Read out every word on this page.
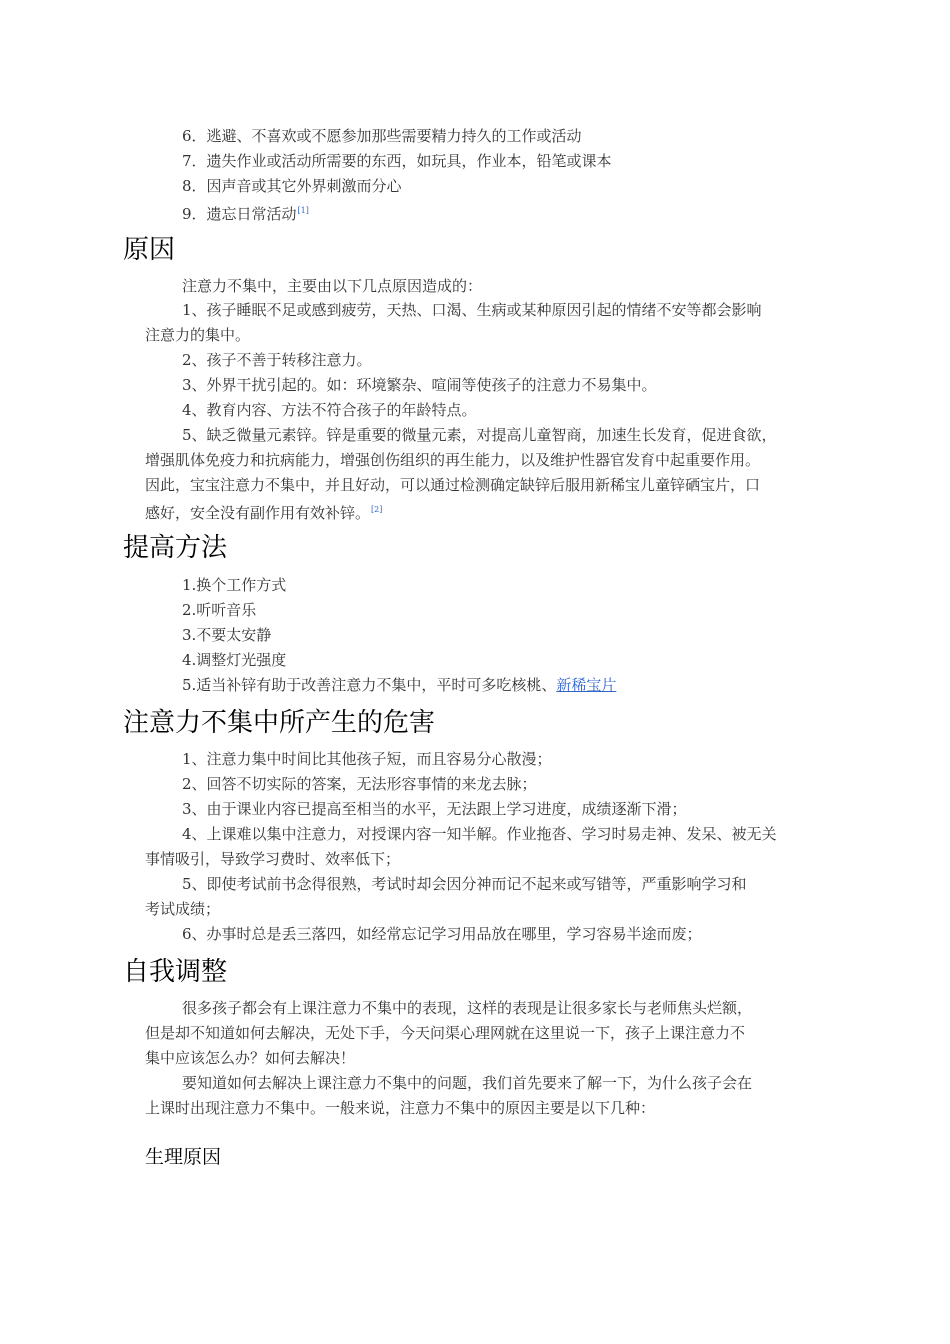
6．逃避、不喜欢或不愿参加那些需要精力持久的工作或活动
7．遗失作业或活动所需要的东西，如玩具，作业本，铅笔或课本
8．因声音或其它外界刺激而分心
9．遗忘日常活动[1]
原因
注意力不集中，主要由以下几点原因造成的：
1、孩子睡眠不足或感到疲劳，天热、口渴、生病或某种原因引起的情绪不安等都会影响
注意力的集中。
2、孩子不善于转移注意力。
3、外界干扰引起的。如：环境繁杂、喧闹等使孩子的注意力不易集中。
4、教育内容、方法不符合孩子的年龄特点。
5、缺乏微量元素锌。锌是重要的微量元素，对提高儿童智商，加速生长发育，促进食欲，
增强肌体免疫力和抗病能力，增强创伤组织的再生能力，以及维护性器官发育中起重要作用。
因此，宝宝注意力不集中，并且好动，可以通过检测确定缺锌后服用新稀宝儿童锌硒宝片，口
感好，安全没有副作用有效补锌。[2]
提高方法
1.换个工作方式
2.听听音乐
3.不要太安静
4.调整灯光强度
5.适当补锌有助于改善注意力不集中，平时可多吃核桃、新稀宝片
注意力不集中所产生的危害
1、注意力集中时间比其他孩子短，而且容易分心散漫；
2、回答不切实际的答案，无法形容事情的来龙去脉；
3、由于课业内容已提高至相当的水平，无法跟上学习进度，成绩逐渐下滑；
4、上课难以集中注意力，对授课内容一知半解。作业拖沓、学习时易走神、发呆、被无关
事情吸引，导致学习费时、效率低下；
5、即使考试前书念得很熟，考试时却会因分神而记不起来或写错等，严重影响学习和
考试成绩；
6、办事时总是丢三落四，如经常忘记学习用品放在哪里，学习容易半途而废；
自我调整
很多孩子都会有上课注意力不集中的表现，这样的表现是让很多家长与老师焦头烂额，
但是却不知道如何去解决，无处下手，今天问渠心理网就在这里说一下，孩子上课注意力不
集中应该怎么办？如何去解决！
要知道如何去解决上课注意力不集中的问题，我们首先要来了解一下，为什么孩子会在
上课时出现注意力不集中。一般来说，注意力不集中的原因主要是以下几种：
生理原因
